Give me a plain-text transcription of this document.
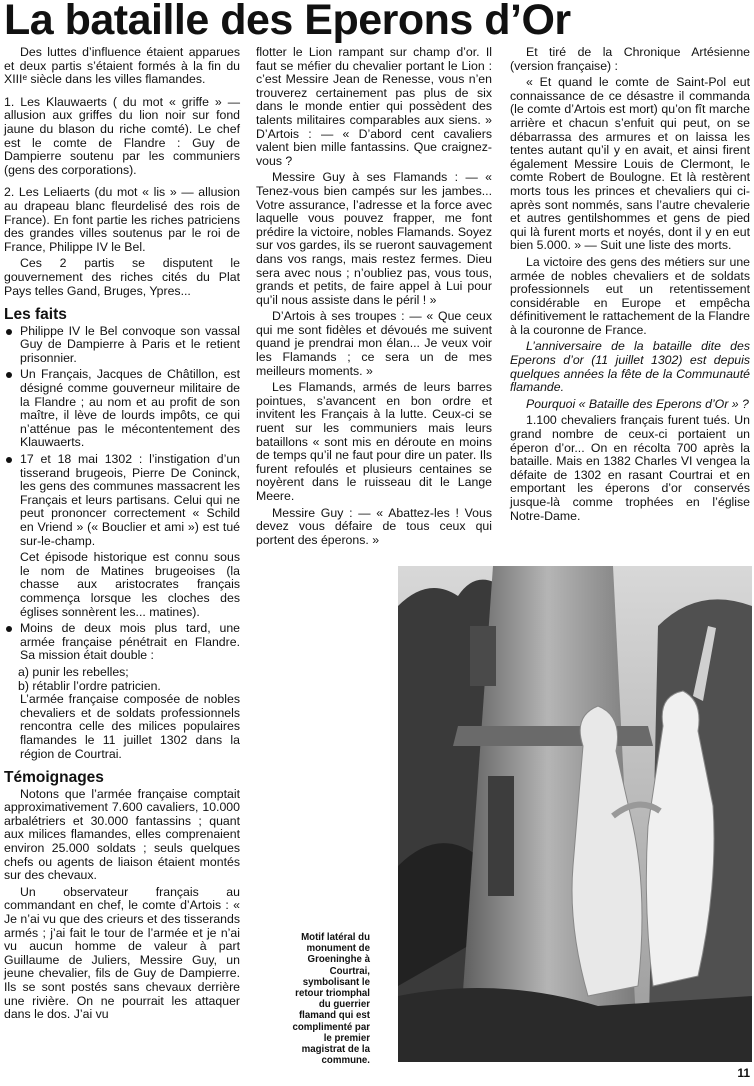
La bataille des Eperons d’Or

Des luttes d’influence étaient apparues et deux partis s’étaient formés à la fin du XIIIᵉ siècle dans les villes flamandes.

1. Les Klauwaerts ( du mot « griffe » — allusion aux griffes du lion noir sur fond jaune du blason du riche comté). Le chef est le comte de Flandre : Guy de Dampierre soutenu par les communiers (gens des corporations).

2. Les Leliaerts (du mot « lis » — allusion au drapeau blanc fleurdelisé des rois de France). En font partie les riches patriciens des grandes villes soutenus par le roi de France, Philippe IV le Bel.

Ces 2 partis se disputent le gouvernement des riches cités du Plat Pays telles Gand, Bruges, Ypres...

Les faits
Philippe IV le Bel convoque son vassal Guy de Dampierre à Paris et le retient prisonnier.
Un Français, Jacques de Châtillon, est désigné comme gouverneur militaire de la Flandre ; au nom et au profit de son maître, il lève de lourds impôts, ce qui n’atténue pas le mécontentement des Klauwaerts.
17 et 18 mai 1302 : l’instigation d’un tisserand brugeois, Pierre De Coninck, les gens des communes massacrent les Français et leurs partisans. Celui qui ne peut prononcer correctement « Schild en Vriend » (« Bouclier et ami ») est tué sur-le-champ.
Cet épisode historique est connu sous le nom de Matines brugeoises (la chasse aux aristocrates français commença lorsque les cloches des églises sonnèrent les... matines).
Moins de deux mois plus tard, une armée française pénétrait en Flandre. Sa mission était double :
a) punir les rebelles;
b) rétablir l’ordre patricien.
L’armée française composée de nobles chevaliers et de soldats professionnels rencontra celle des milices populaires flamandes le 11 juillet 1302 dans la région de Courtrai.
Témoignages

Notons que l’armée française comptait approximativement 7.600 cavaliers, 10.000 arbalétriers et 30.000 fantassins ; quant aux milices flamandes, elles comprenaient environ 25.000 soldats ; seuls quelques chefs ou agents de liaison étaient montés sur des chevaux.

Un observateur français au commandant en chef, le comte d’Artois : « Je n’ai vu que des crieurs et des tisserands armés ; j’ai fait le tour de l’armée et je n’ai vu aucun homme de valeur à part Guillaume de Juliers, Messire Guy, un jeune chevalier, fils de Guy de Dampierre. Ils se sont postés sans chevaux derrière une rivière. On ne pourrait les attaquer dans le dos. J’ai vu

flotter le Lion rampant sur champ d’or. Il faut se méfier du chevalier portant le Lion : c’est Messire Jean de Renesse, vous n’en trouverez certainement pas plus de six dans le monde entier qui possèdent des talents militaires comparables aux siens. » D’Artois : — « D’abord cent cavaliers valent bien mille fantassins. Que craignez-vous ?

Messire Guy à ses Flamands : — « Tenez-vous bien campés sur les jambes... Votre assurance, l’adresse et la force avec laquelle vous pouvez frapper, me font prédire la victoire, nobles Flamands. Soyez sur vos gardes, ils se rueront sauvagement dans vos rangs, mais restez fermes. Dieu sera avec nous ; n’oubliez pas, vous tous, grands et petits, de faire appel à Lui pour qu’il nous assiste dans le péril ! »

D’Artois à ses troupes : — « Que ceux qui me sont fidèles et dévoués me suivent quand je prendrai mon élan... Je veux voir les Flamands ; ce sera un de mes meilleurs moments. »

Les Flamands, armés de leurs barres pointues, s’avancent en bon ordre et invitent les Français à la lutte. Ceux-ci se ruent sur les communiers mais leurs bataillons « sont mis en déroute en moins de temps qu’il ne faut pour dire un pater. Ils furent refoulés et plusieurs centaines se noyèrent dans le ruisseau dit le Lange Meere.

Messire Guy : — « Abattez-les ! Vous devez vous défaire de tous ceux qui portent des éperons. »

Et tiré de la Chronique Artésienne (version française) :

« Et quand le comte de Saint-Pol eut connaissance de ce désastre il commanda (le comte d’Artois est mort) qu’on fît marche arrière et chacun s’enfuit qui peut, on se débarrassa des armures et on laissa les tentes autant qu’il y en avait, et ainsi firent également Messire Louis de Clermont, le comte Robert de Boulogne. Et là restèrent morts tous les princes et chevaliers qui ci-après sont nommés, sans l’autre chevalerie et autres gentilshommes et gens de pied qui là furent morts et noyés, dont il y en eut bien 5.000. » — Suit une liste des morts.

La victoire des gens des métiers sur une armée de nobles chevaliers et de soldats professionnels eut un retentissement considérable en Europe et empêcha définitivement le rattachement de la Flandre à la couronne de France.

L’anniversaire de la bataille dite des Eperons d’or (11 juillet 1302) est depuis quelques années la fête de la Communauté flamande.

Pourquoi « Bataille des Eperons d’Or » ?

1.100 chevaliers français furent tués. Un grand nombre de ceux-ci portaient un éperon d’or... On en récolta 700 après la bataille. Mais en 1382 Charles VI vengea la défaite de 1302 en rasant Courtrai et en emportant les éperons d’or conservés jusque-là comme trophées en l’église Notre-Dame.

Motif latéral du monument de Groeninghe à Courtrai, symbolisant le retour triomphal du guerrier flamand qui est complimenté par le premier magistrat de la commune.
11
